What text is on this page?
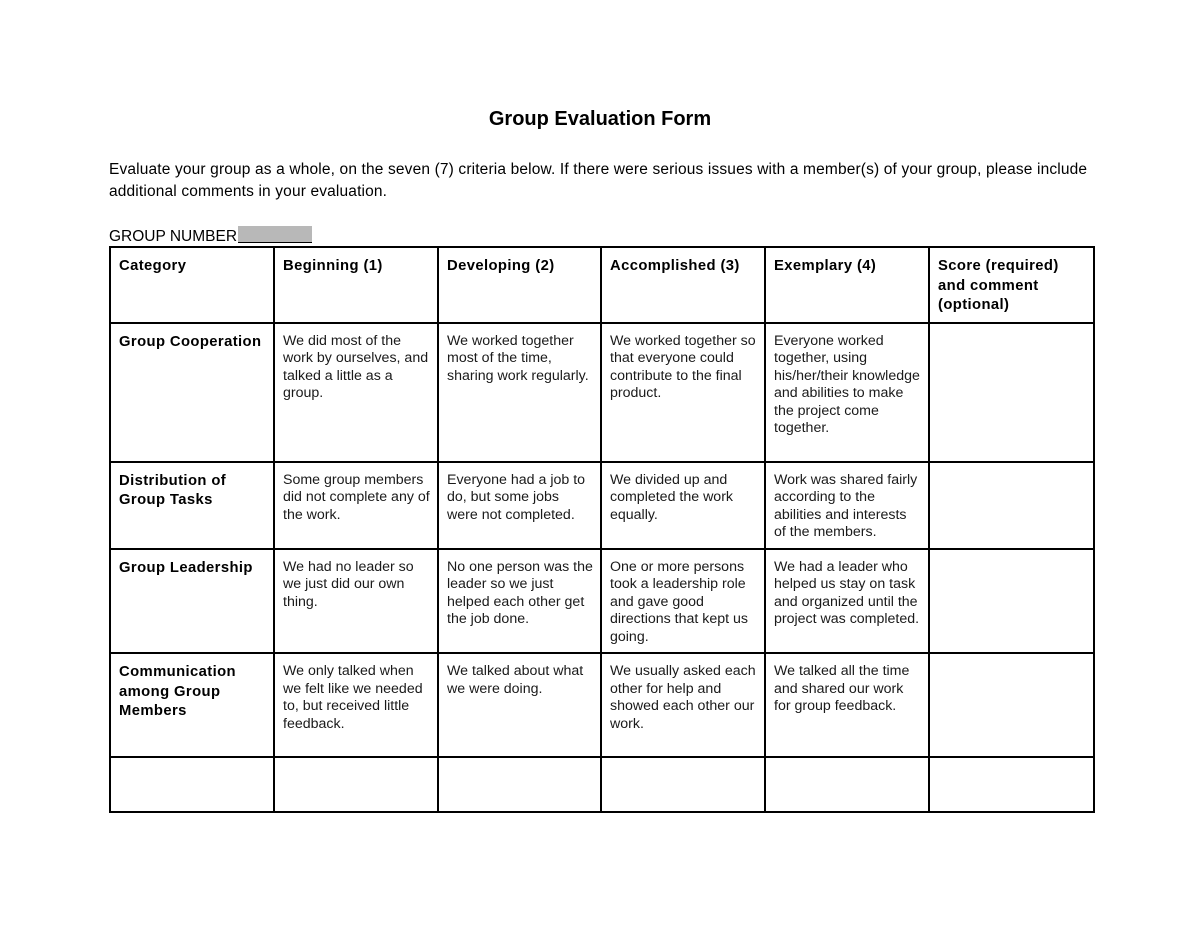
Group Evaluation Form
Evaluate your group as a whole, on the seven (7) criteria below. If there were serious issues with a member(s) of your group, please include additional comments in your evaluation.
GROUP NUMBER
Category	Beginning (1)	Developing (2)	Accomplished (3)	Exemplary (4)	Score (required) and comment (optional)
Group Cooperation	We did most of the work by ourselves, and talked a little as a group.	We worked together most of the time, sharing work regularly.	We worked together so that everyone could contribute to the final product.	Everyone worked together, using his/her/their knowledge and abilities to make the project come together.	
Distribution of Group Tasks	Some group members did not complete any of the work.	Everyone had a job to do, but some jobs were not completed.	We divided up and completed the work equally.	Work was shared fairly according to the abilities and interests of the members.	
Group Leadership	We had no leader so we just did our own thing.	No one person was the leader so we just helped each other get the job done.	One or more persons took a leadership role and gave good directions that kept us going.	We had a leader who helped us stay on task and organized until the project was completed.	
Communication among Group Members	We only talked when we felt like we needed to, but received little feedback.	We talked about what we were doing.	We usually asked each other for help and showed each other our work.	We talked all the time and shared our work for group feedback.	
